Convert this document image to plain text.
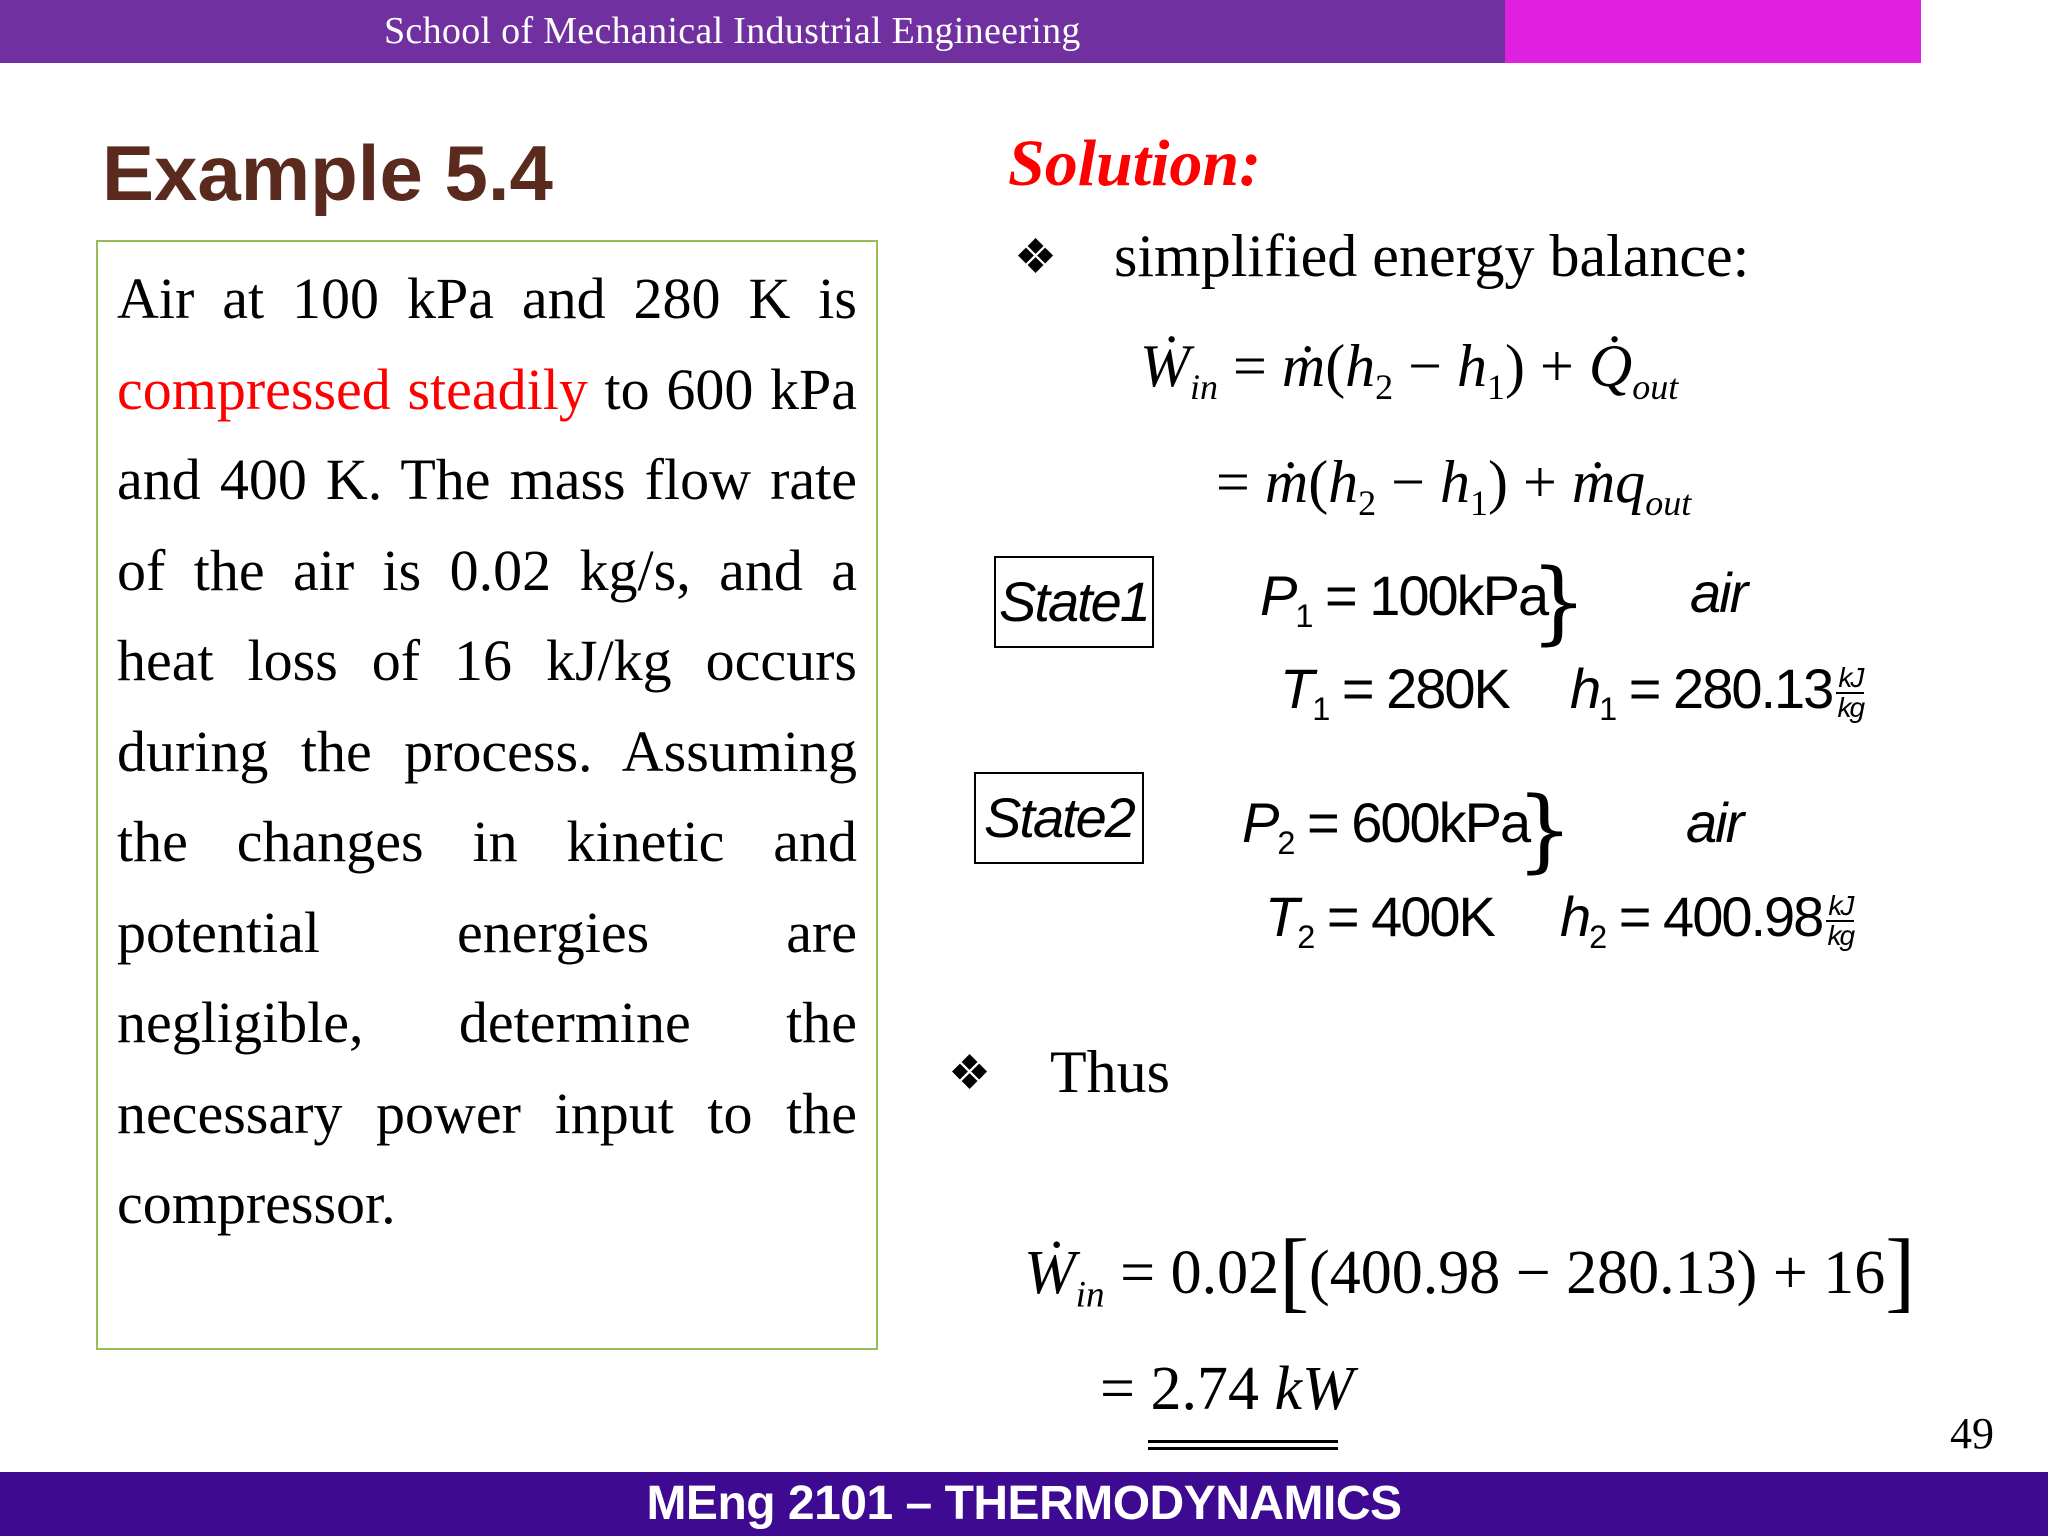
School of Mechanical Industrial Engineering
Example 5.4
Air at 100 kPa and 280 K is compressed steadily to 600 kPa and 400 K. The mass flow rate of the air is 0.02 kg/s, and a heat loss of 16 kJ/kg occurs during the process. Assuming the changes in kinetic and potential energies are negligible, determine the necessary power input to the compressor.
Solution:
❖ simplified energy balance:
Ẇ$_{in}$ = $ṁ(h_2 - h_1)$ + $Q̇_{out}$
= $ṁ(h_2 - h_1)$ + ṁq$_{out}$
State1 $P_1 = 100kPa$
$T_1 = 280K$
} air
$h_1 = 280.13 \frac{kJ}{kg}$
State2 $P_2 = 600kPa$
$T_2 = 400K$
} air
$h_2 = 400.98 \frac{kJ}{kg}$
❖ Thus
Ẇ$_{in}$ = 0.02[(400.98 − 280.13) + 16]
= 2.74 kW
49
MEng 2101 – THERMODYNAMICS
